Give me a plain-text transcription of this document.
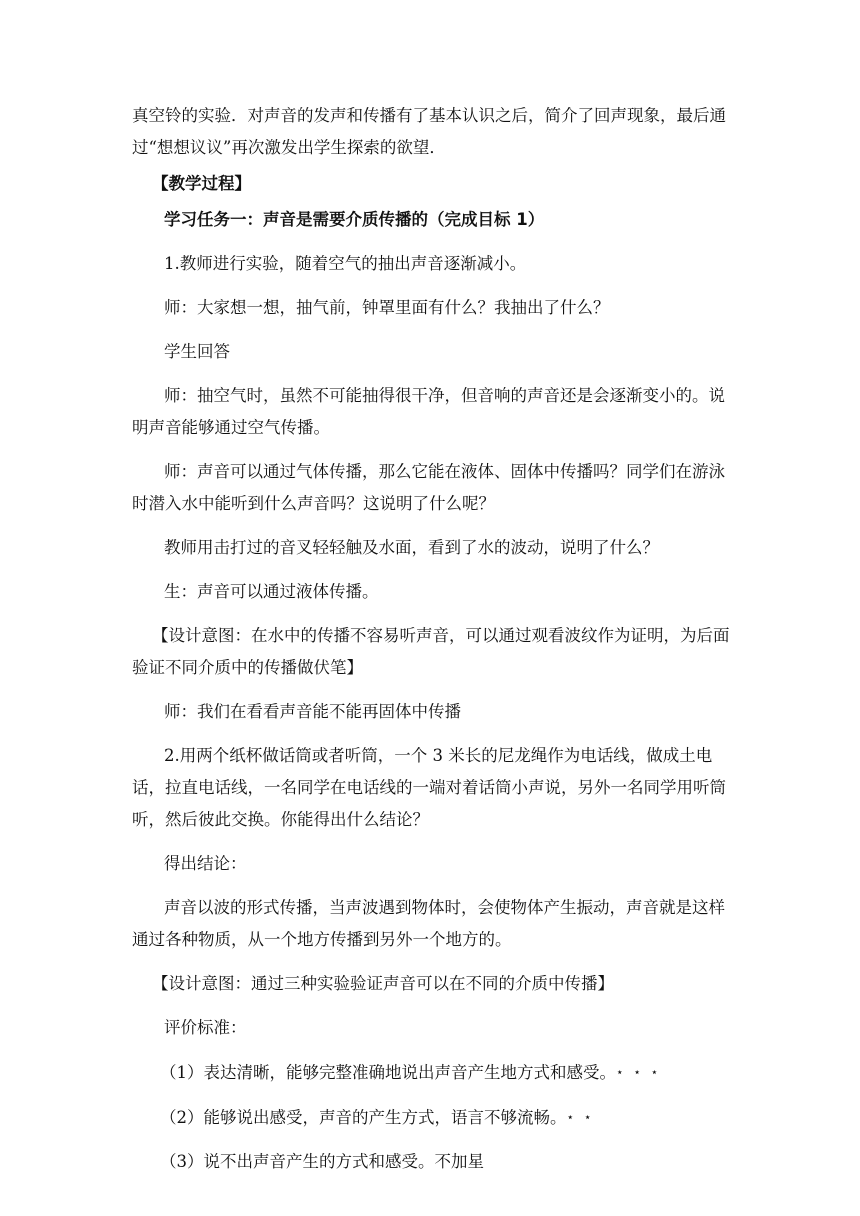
真空铃的实验．对声音的发声和传播有了基本认识之后，简介了回声现象，最后通过“想想议议”再次激发出学生探索的欲望．

【教学过程】

学习任务一：声音是需要介质传播的（完成目标 1）

1.教师进行实验，随着空气的抽出声音逐渐减小。

师：大家想一想，抽气前，钟罩里面有什么？我抽出了什么？

学生回答

师：抽空气时，虽然不可能抽得很干净，但音响的声音还是会逐渐变小的。说明声音能够通过空气传播。

师：声音可以通过气体传播，那么它能在液体、固体中传播吗？同学们在游泳时潜入水中能听到什么声音吗？这说明了什么呢？

教师用击打过的音叉轻轻触及水面，看到了水的波动，说明了什么？

生：声音可以通过液体传播。

【设计意图：在水中的传播不容易听声音，可以通过观看波纹作为证明，为后面验证不同介质中的传播做伏笔】

师：我们在看看声音能不能再固体中传播

2.用两个纸杯做话筒或者听筒，一个 3 米长的尼龙绳作为电话线，做成土电话，拉直电话线，一名同学在电话线的一端对着话筒小声说，另外一名同学用听筒听，然后彼此交换。你能得出什么结论？

得出结论：

声音以波的形式传播，当声波遇到物体时，会使物体产生振动，声音就是这样通过各种物质，从一个地方传播到另外一个地方的。

【设计意图：通过三种实验验证声音可以在不同的介质中传播】

评价标准：

（1）表达清晰，能够完整准确地说出声音产生地方式和感受。⋆ ⋆ ⋆

（2）能够说出感受，声音的产生方式，语言不够流畅。⋆ ⋆

（3）说不出声音产生的方式和感受。不加星
